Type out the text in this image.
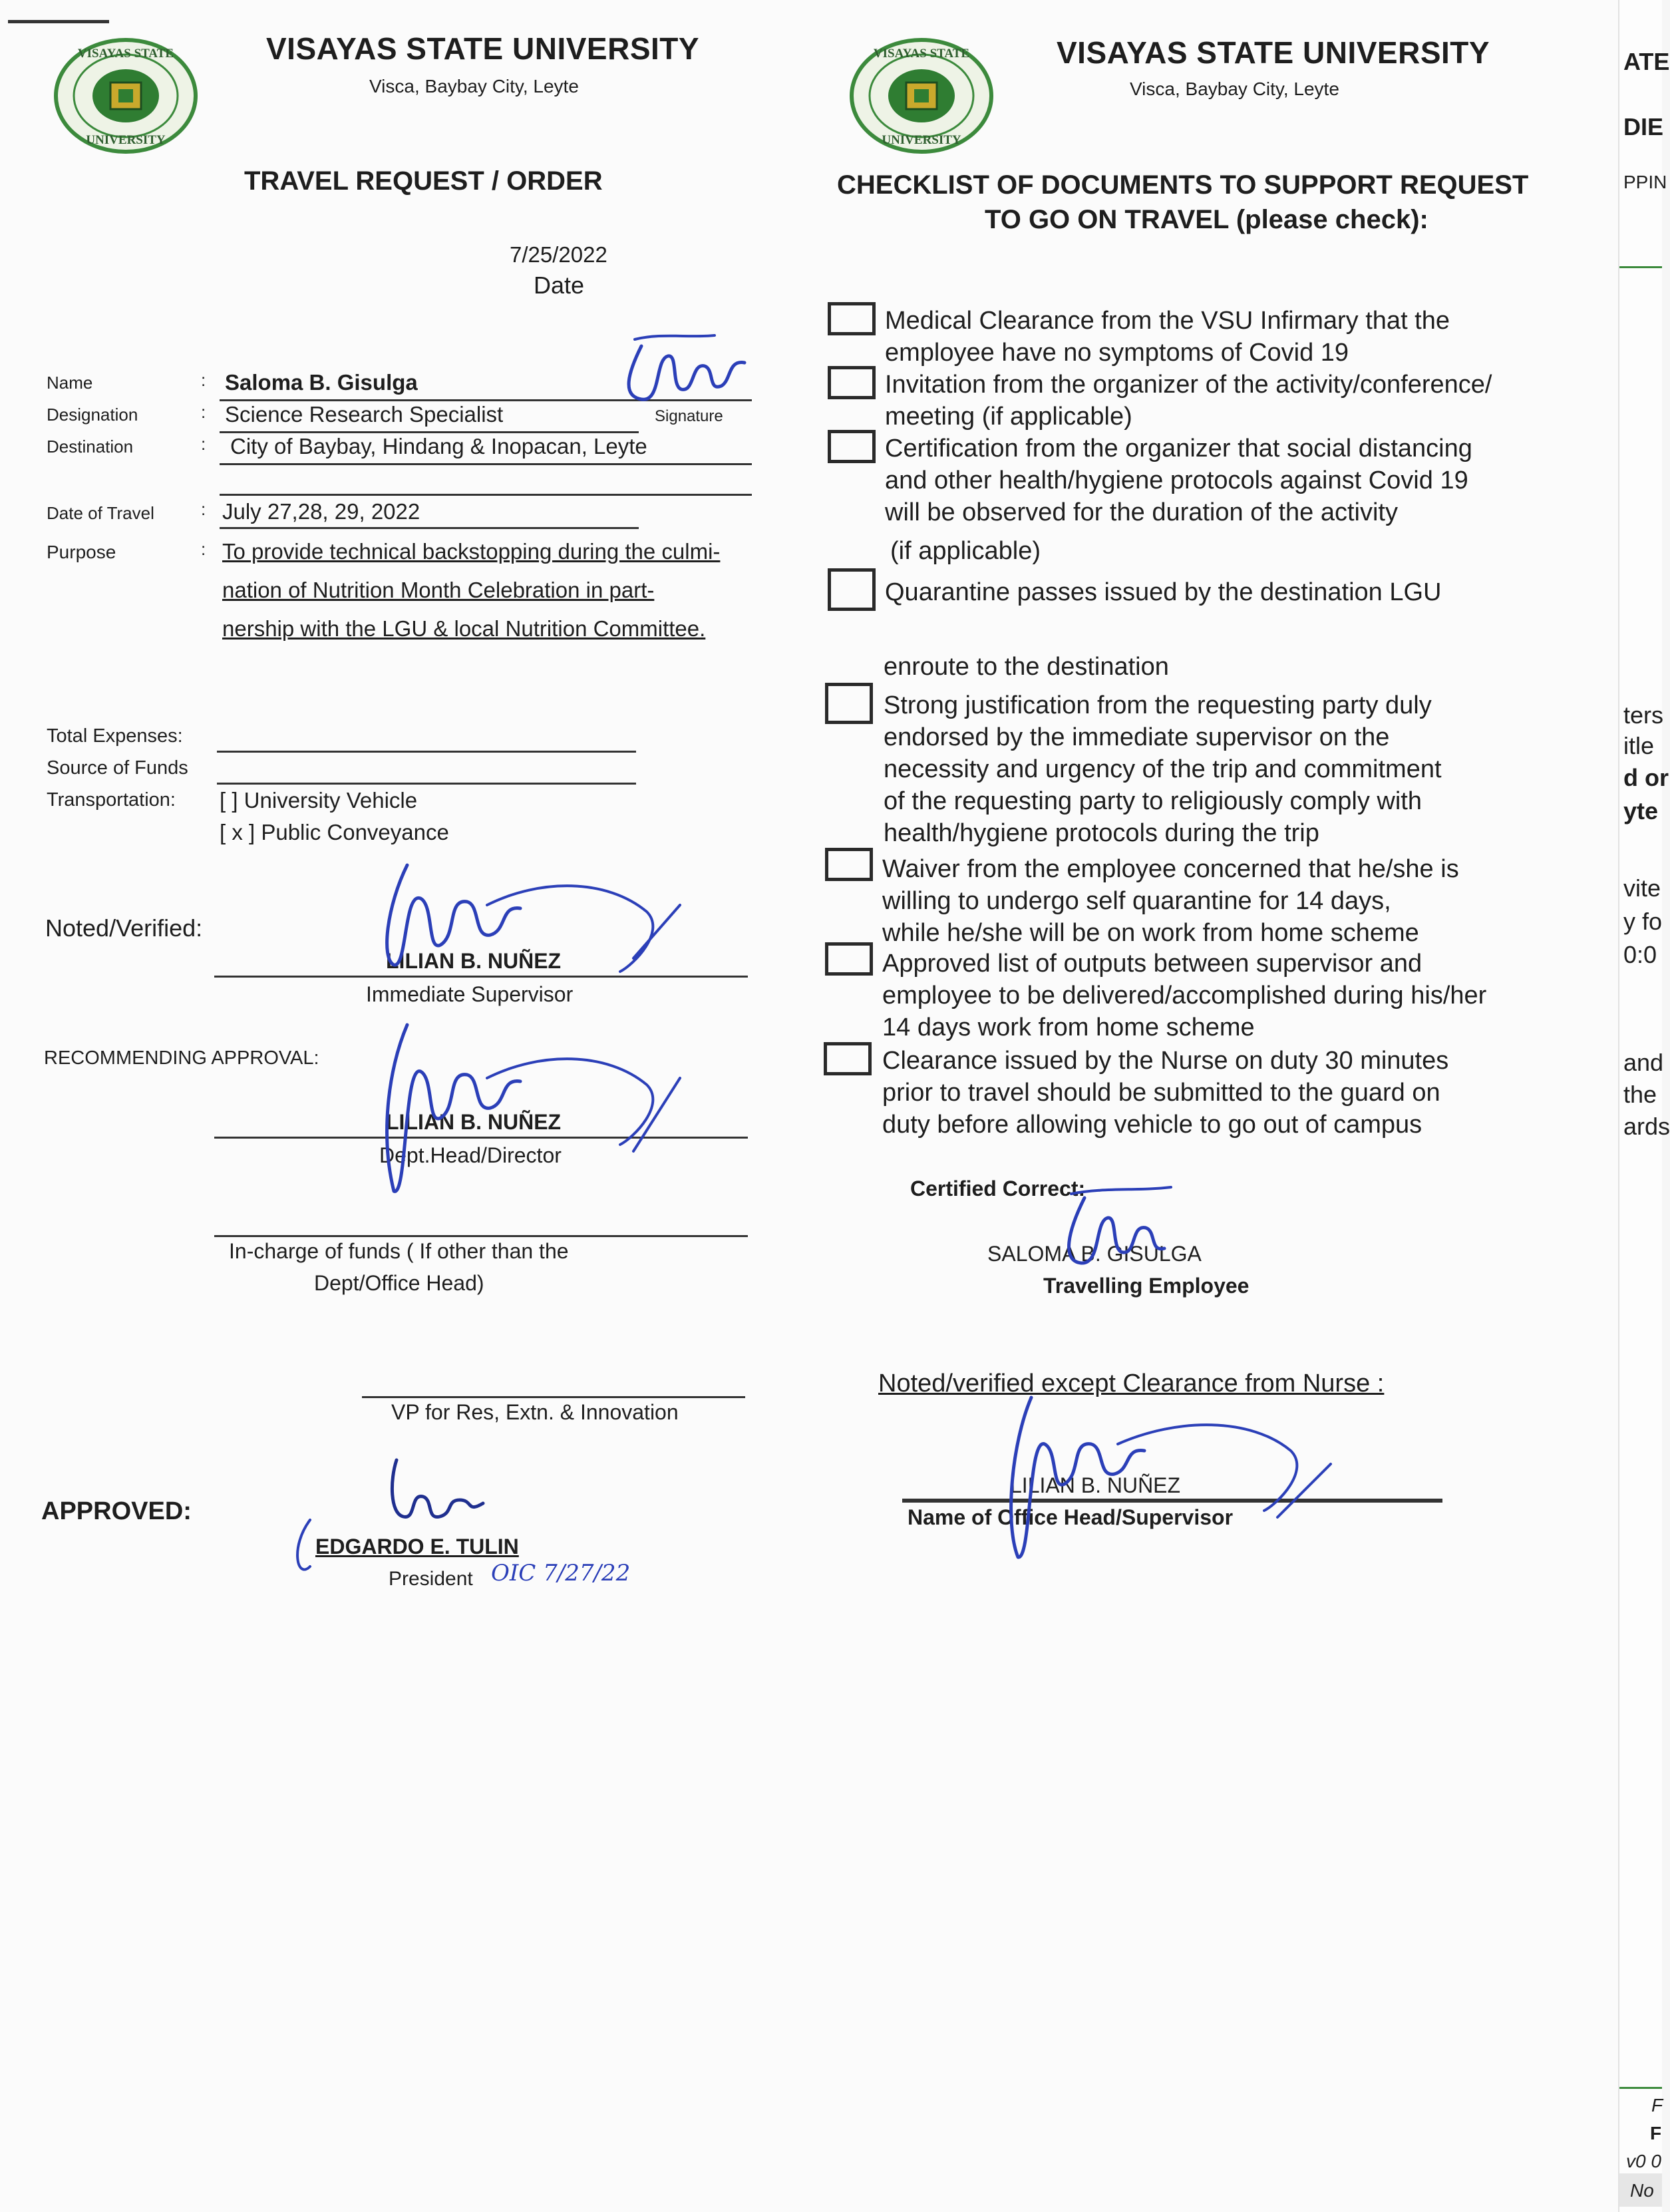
VISAYAS STATE
UNIVERSITY
VISAYAS STATE UNIVERSITY
Visca, Baybay City, Leyte
TRAVEL REQUEST / ORDER
7/25/2022
Date
Name	: Saloma B. Gisulga
Signature
Designation	: Science Research Specialist
Destination	: City of Baybay, Hindang & Inopacan, Leyte
Date of Travel	: July 27,28, 29, 2022
Purpose	: To provide technical backstopping during the culmi-
nation of Nutrition Month Celebration in part-
nership with the LGU & local Nutrition Committee.
Total Expenses:
Source of Funds
Transportation: [ ] University Vehicle
[ x ] Public Conveyance
Noted/Verified:
LILIAN B. NUÑEZ
Immediate Supervisor
RECOMMENDING APPROVAL:
LILIAN B. NUÑEZ
Dept.Head/Director
In-charge of funds ( If other than the
Dept/Office Head)
VP for Res, Extn. & Innovation
APPROVED:
EDGARDO E. TULIN
President OIC 7/27/22
VISAYAS STATE
UNIVERSITY
VISAYAS STATE UNIVERSITY
Visca, Baybay City, Leyte
CHECKLIST OF DOCUMENTS TO SUPPORT REQUEST
TO GO ON TRAVEL (please check):
Medical Clearance from the VSU Infirmary that the
employee have no symptoms of Covid 19
Invitation from the organizer of the activity/conference/
meeting (if applicable)
Certification from the organizer that social distancing
and other health/hygiene protocols against Covid 19
will be observed for the duration of the activity
(if applicable)
Quarantine passes issued by the destination LGU
enroute to the destination
Strong justification from the requesting party duly
endorsed by the immediate supervisor on the
necessity and urgency of the trip and commitment
of the requesting party to religiously comply with
health/hygiene protocols during the trip
Waiver from the employee concerned that he/she is
willing to undergo self quarantine for 14 days,
while he/she will be on work from home scheme
Approved list of outputs between supervisor and
employee to be delivered/accomplished during his/her
14 days work from home scheme
Clearance issued by the Nurse on duty 30 minutes
prior to travel should be submitted to the guard on
duty before allowing vehicle to go out of campus
Certified Correct:
SALOMA B. GISULGA
Travelling Employee
Noted/verified except Clearance from Nurse :
LILIAN B. NUÑEZ
Name of Office Head/Supervisor
ATE
DIE
PPIN
ters
itle
d or
yte
vite
y fo
0:0
and
the
ards
F
F
v0 0
No
